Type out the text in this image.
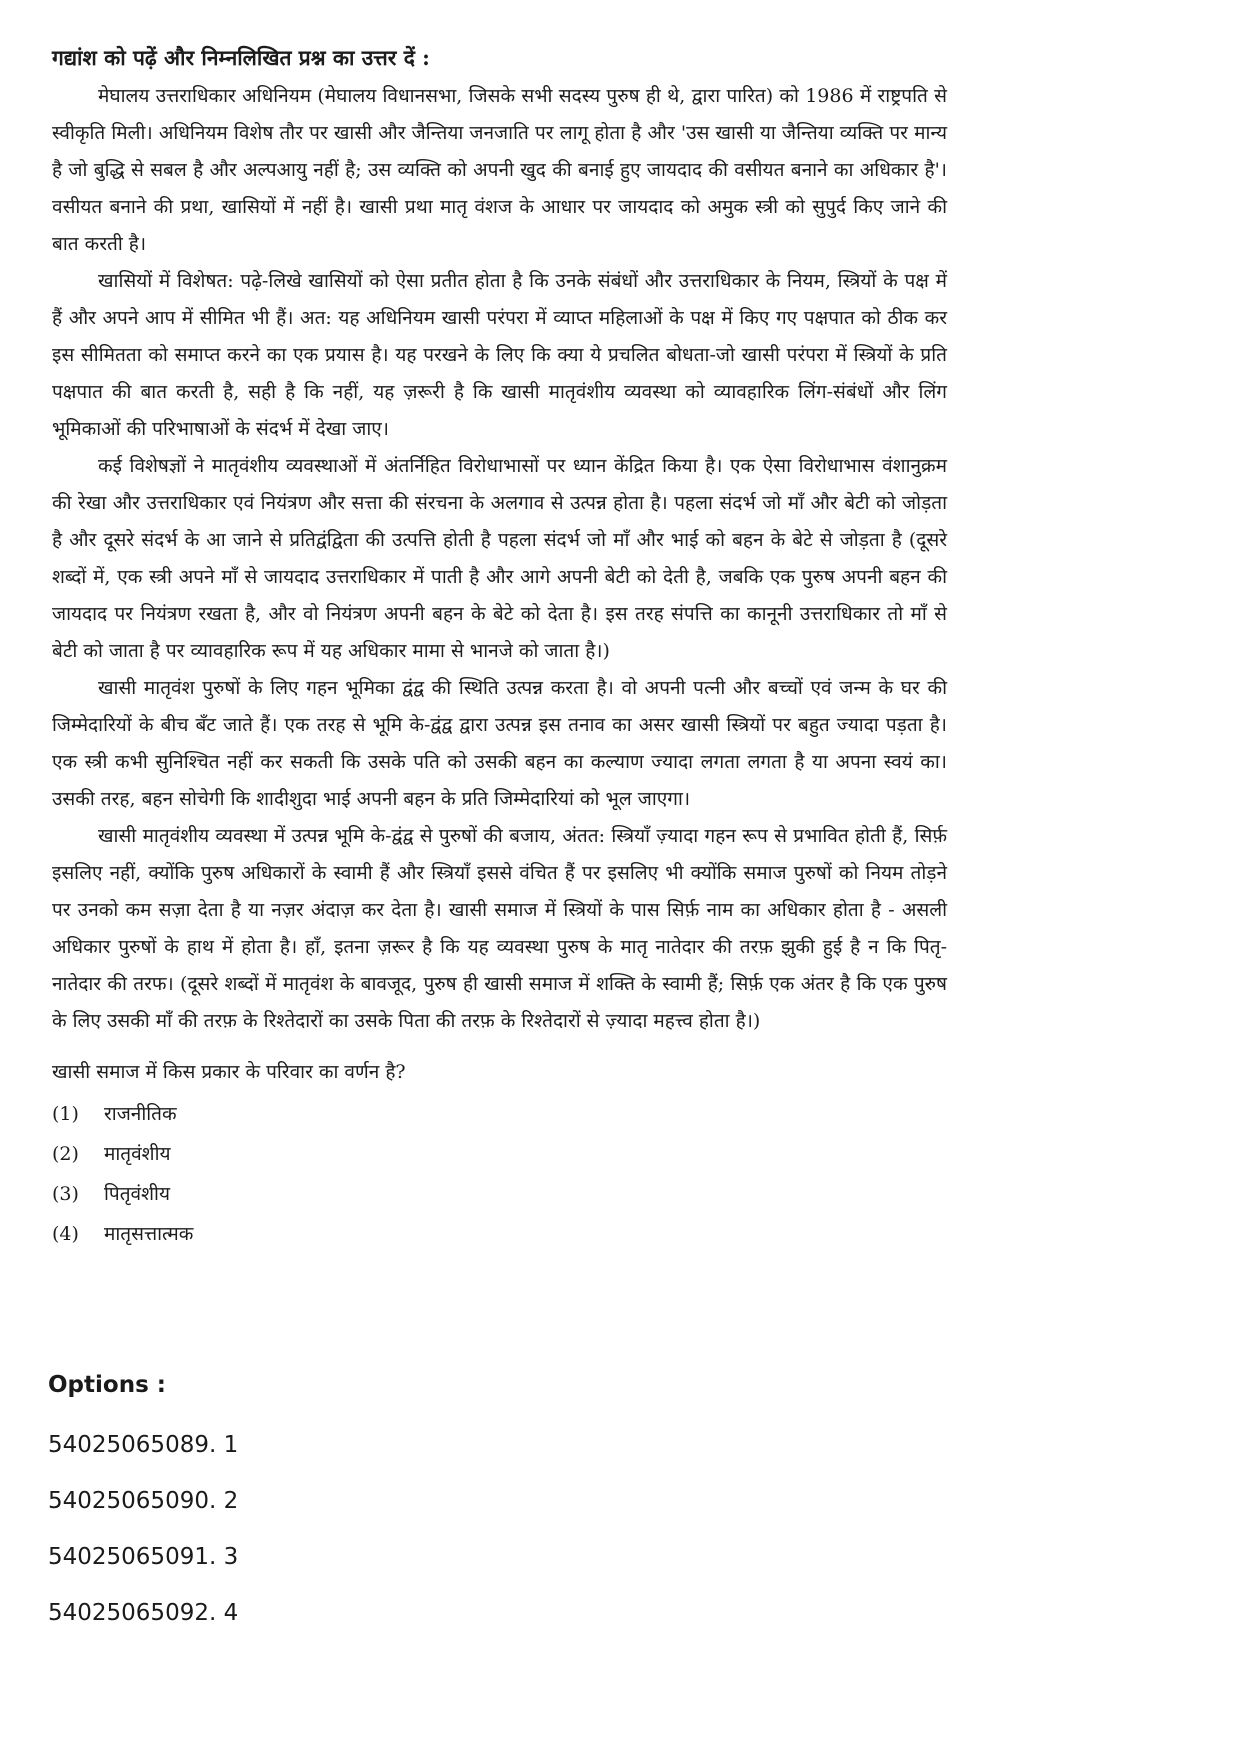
गद्यांश को पढ़ें और निम्नलिखित प्रश्न का उत्तर दें :

मेघालय उत्तराधिकार अधिनियम (मेघालय विधानसभा, जिसके सभी सदस्य पुरुष ही थे, द्वारा पारित) को 1986 में राष्ट्रपति से स्वीकृति मिली। अधिनियम विशेष तौर पर खासी और जैन्तिया जनजाति पर लागू होता है और 'उस खासी या जैन्तिया व्यक्ति पर मान्य है जो बुद्धि से सबल है और अल्पआयु नहीं है; उस व्यक्ति को अपनी खुद की बनाई हुए जायदाद की वसीयत बनाने का अधिकार है'। वसीयत बनाने की प्रथा, खासियों में नहीं है। खासी प्रथा मातृ वंशज के आधार पर जायदाद को अमुक स्त्री को सुपुर्द किए जाने की बात करती है।

खासियों में विशेषत: पढ़े-लिखे खासियों को ऐसा प्रतीत होता है कि उनके संबंधों और उत्तराधिकार के नियम, स्त्रियों के पक्ष में हैं और अपने आप में सीमित भी हैं। अत: यह अधिनियम खासी परंपरा में व्याप्त महिलाओं के पक्ष में किए गए पक्षपात को ठीक कर इस सीमितता को समाप्त करने का एक प्रयास है। यह परखने के लिए कि क्या ये प्रचलित बोधता-जो खासी परंपरा में स्त्रियों के प्रति पक्षपात की बात करती है, सही है कि नहीं, यह ज़रूरी है कि खासी मातृवंशीय व्यवस्था को व्यावहारिक लिंग-संबंधों और लिंग भूमिकाओं की परिभाषाओं के संदर्भ में देखा जाए।

कई विशेषज्ञों ने मातृवंशीय व्यवस्थाओं में अंतर्निहित विरोधाभासों पर ध्यान केंद्रित किया है। एक ऐसा विरोधाभास वंशानुक्रम की रेखा और उत्तराधिकार एवं नियंत्रण और सत्ता की संरचना के अलगाव से उत्पन्न होता है। पहला संदर्भ जो माँ और बेटी को जोड़ता है और दूसरे संदर्भ के आ जाने से प्रतिद्वंद्विता की उत्पत्ति होती है पहला संदर्भ जो माँ और भाई को बहन के बेटे से जोड़ता है (दूसरे शब्दों में, एक स्त्री अपने माँ से जायदाद उत्तराधिकार में पाती है और आगे अपनी बेटी को देती है, जबकि एक पुरुष अपनी बहन की जायदाद पर नियंत्रण रखता है, और वो नियंत्रण अपनी बहन के बेटे को देता है। इस तरह संपत्ति का कानूनी उत्तराधिकार तो माँ से बेटी को जाता है पर व्यावहारिक रूप में यह अधिकार मामा से भानजे को जाता है।)

खासी मातृवंश पुरुषों के लिए गहन भूमिका द्वंद्व की स्थिति उत्पन्न करता है। वो अपनी पत्नी और बच्चों एवं जन्म के घर की जिम्मेदारियों के बीच बँट जाते हैं। एक तरह से भूमि के-द्वंद्व द्वारा उत्पन्न इस तनाव का असर खासी स्त्रियों पर बहुत ज्यादा पड़ता है। एक स्त्री कभी सुनिश्चित नहीं कर सकती कि उसके पति को उसकी बहन का कल्याण ज्यादा लगता लगता है या अपना स्वयं का। उसकी तरह, बहन सोचेगी कि शादीशुदा भाई अपनी बहन के प्रति जिम्मेदारियां को भूल जाएगा।

खासी मातृवंशीय व्यवस्था में उत्पन्न भूमि के-द्वंद्व से पुरुषों की बजाय, अंतत: स्त्रियाँ ज़्यादा गहन रूप से प्रभावित होती हैं, सिर्फ़ इसलिए नहीं, क्योंकि पुरुष अधिकारों के स्वामी हैं और स्त्रियाँ इससे वंचित हैं पर इसलिए भी क्योंकि समाज पुरुषों को नियम तोड़ने पर उनको कम सज़ा देता है या नज़र अंदाज़ कर देता है। खासी समाज में स्त्रियों के पास सिर्फ़ नाम का अधिकार होता है - असली अधिकार पुरुषों के हाथ में होता है। हाँ, इतना ज़रूर है कि यह व्यवस्था पुरुष के मातृ नातेदार की तरफ़ झुकी हुई है न कि पितृ-नातेदार की तरफ। (दूसरे शब्दों में मातृवंश के बावजूद, पुरुष ही खासी समाज में शक्ति के स्वामी हैं; सिर्फ़ एक अंतर है कि एक पुरुष के लिए उसकी माँ की तरफ़ के रिश्तेदारों का उसके पिता की तरफ़ के रिश्तेदारों से ज़्यादा महत्त्व होता है।)

खासी समाज में किस प्रकार के परिवार का वर्णन है?

(1)	राजनीतिक
(2)	मातृवंशीय
(3)	पितृवंशीय
(4)	मातृसत्तात्मक

Options :

54025065089. 1

54025065090. 2

54025065091. 3

54025065092. 4
